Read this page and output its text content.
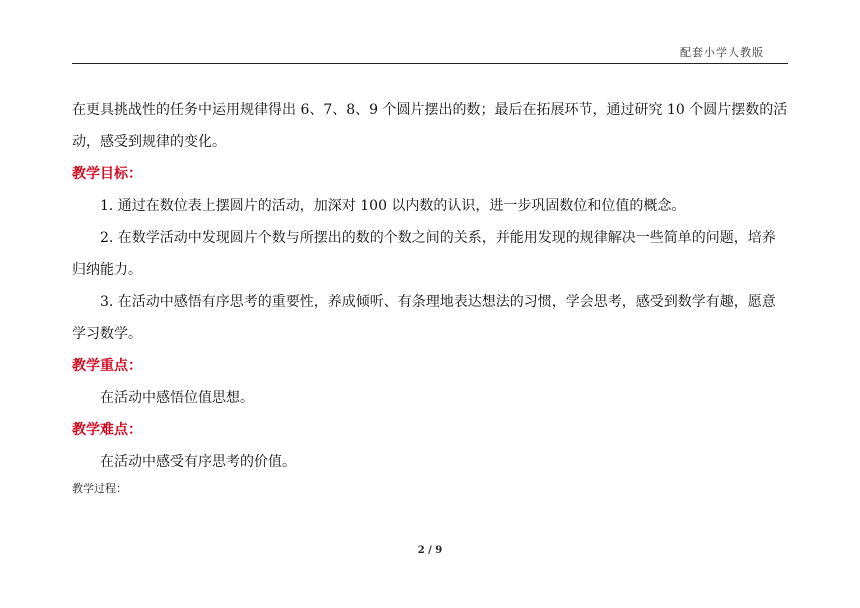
配套小学人教版

在更具挑战性的任务中运用规律得出 6、7、8、9 个圆片摆出的数；最后在拓展环节，通过研究 10 个圆片摆数的活动，感受到规律的变化。

教学目标：

1. 通过在数位表上摆圆片的活动，加深对 100 以内数的认识，进一步巩固数位和位值的概念。

2. 在数学活动中发现圆片个数与所摆出的数的个数之间的关系，并能用发现的规律解决一些简单的问题，培养归纳能力。

3. 在活动中感悟有序思考的重要性，养成倾听、有条理地表达想法的习惯，学会思考，感受到数学有趣，愿意学习数学。

教学重点：

在活动中感悟位值思想。

教学难点：

在活动中感受有序思考的价值。

教学过程：

2 / 9
